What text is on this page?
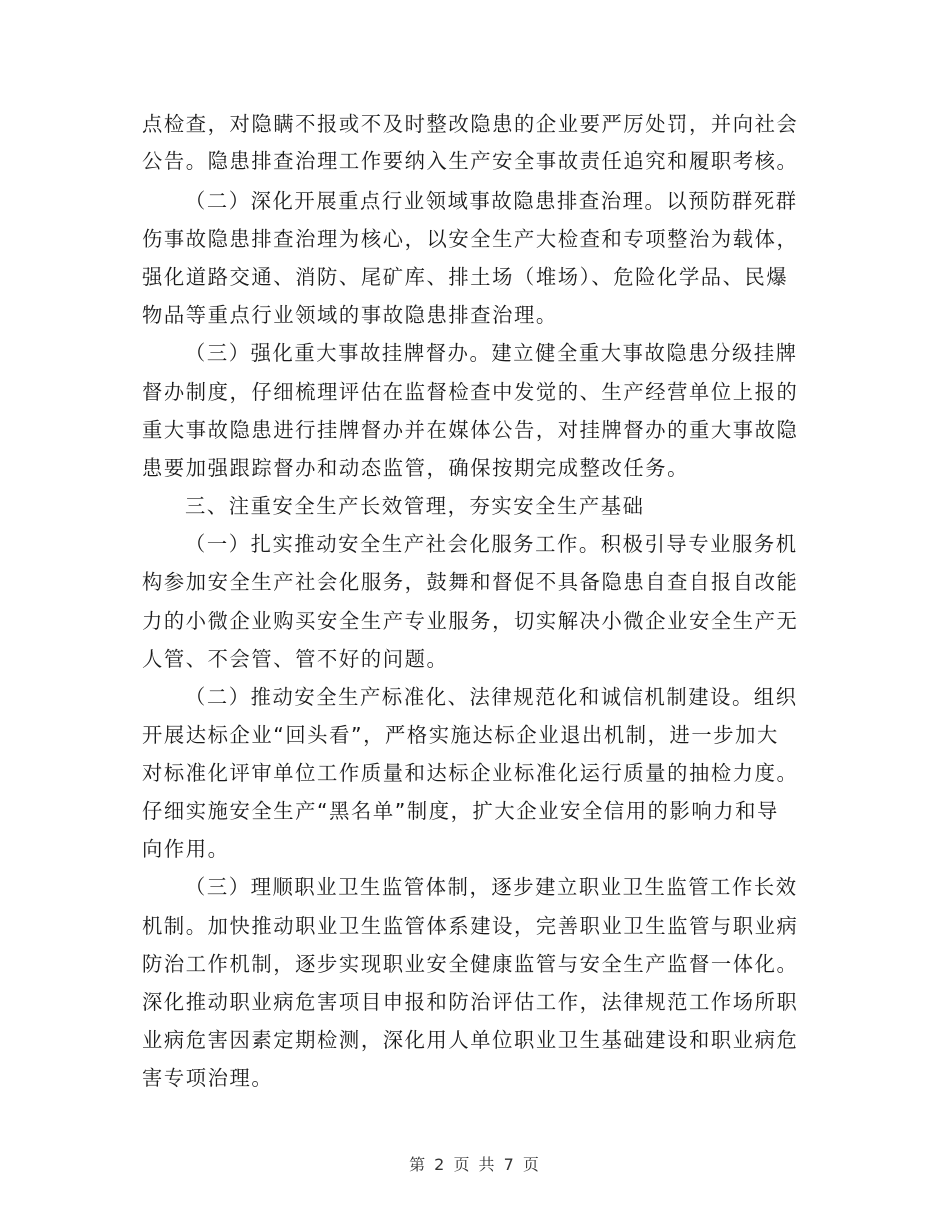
点检查，对隐瞒不报或不及时整改隐患的企业要严厉处罚，并向社会
公告。隐患排查治理工作要纳入生产安全事故责任追究和履职考核。
（二）深化开展重点行业领域事故隐患排查治理。以预防群死群
伤事故隐患排查治理为核心，以安全生产大检查和专项整治为载体，
强化道路交通、消防、尾矿库、排土场（堆场）、危险化学品、民爆
物品等重点行业领域的事故隐患排查治理。
（三）强化重大事故挂牌督办。建立健全重大事故隐患分级挂牌
督办制度，仔细梳理评估在监督检查中发觉的、生产经营单位上报的
重大事故隐患进行挂牌督办并在媒体公告，对挂牌督办的重大事故隐
患要加强跟踪督办和动态监管，确保按期完成整改任务。
三、注重安全生产长效管理，夯实安全生产基础
（一）扎实推动安全生产社会化服务工作。积极引导专业服务机
构参加安全生产社会化服务，鼓舞和督促不具备隐患自查自报自改能
力的小微企业购买安全生产专业服务，切实解决小微企业安全生产无
人管、不会管、管不好的问题。
（二）推动安全生产标准化、法律规范化和诚信机制建设。组织
开展达标企业“回头看”，严格实施达标企业退出机制，进一步加大
对标准化评审单位工作质量和达标企业标准化运行质量的抽检力度。
仔细实施安全生产“黑名单”制度，扩大企业安全信用的影响力和导
向作用。
（三）理顺职业卫生监管体制，逐步建立职业卫生监管工作长效
机制。加快推动职业卫生监管体系建设，完善职业卫生监管与职业病
防治工作机制，逐步实现职业安全健康监管与安全生产监督一体化。
深化推动职业病危害项目申报和防治评估工作，法律规范工作场所职
业病危害因素定期检测，深化用人单位职业卫生基础建设和职业病危
害专项治理。
第 2 页 共 7 页
